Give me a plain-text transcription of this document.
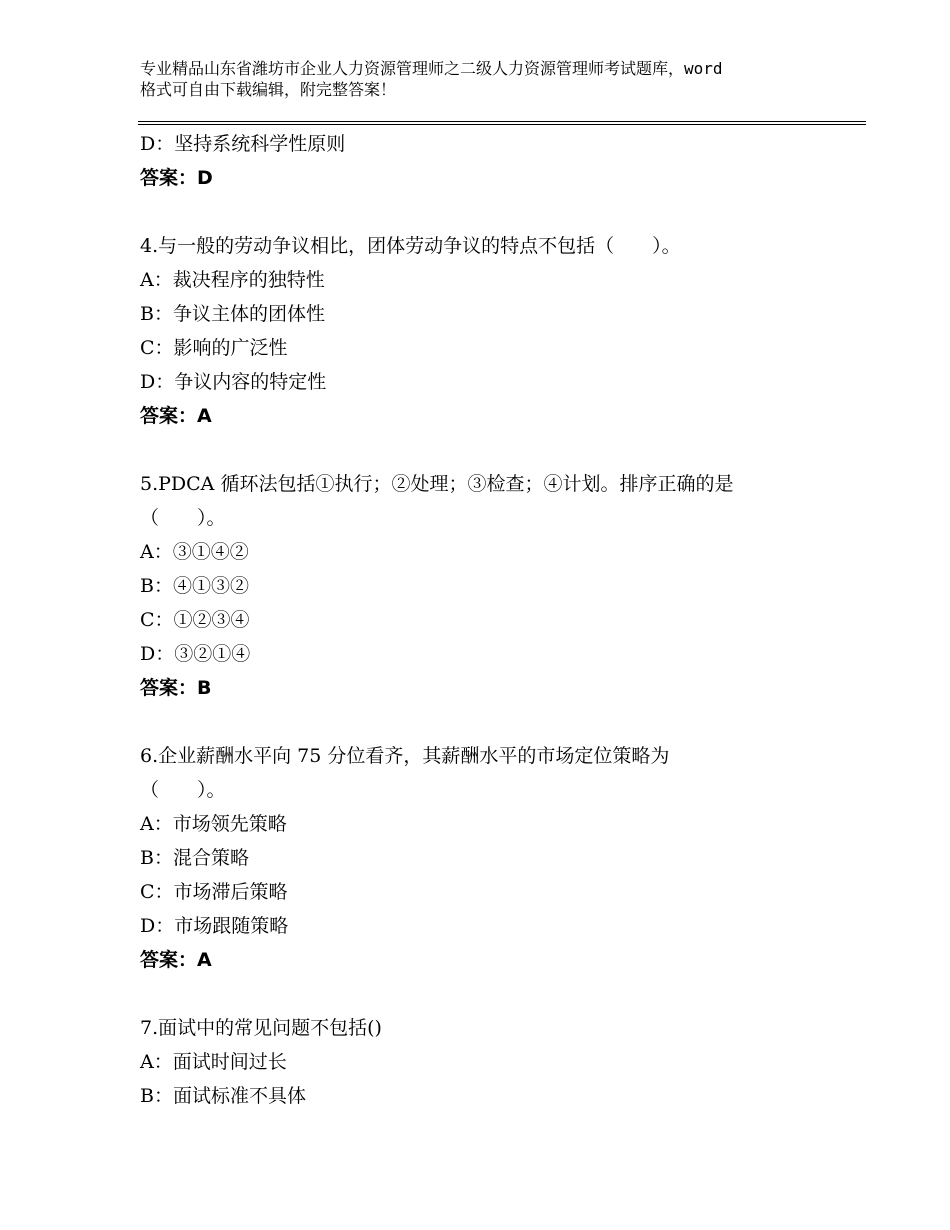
专业精品山东省潍坊市企业人力资源管理师之二级人力资源管理师考试题库，word
格式可自由下载编辑，附完整答案！
D：坚持系统科学性原则
答案：D
4.与一般的劳动争议相比，团体劳动争议的特点不包括（　　）。
A：裁决程序的独特性
B：争议主体的团体性
C：影响的广泛性
D：争议内容的特定性
答案：A
5.PDCA 循环法包括①执行；②处理；③检查；④计划。排序正确的是
（　　）。
A：③①④②
B：④①③②
C：①②③④
D：③②①④
答案：B
6.企业薪酬水平向 75 分位看齐，其薪酬水平的市场定位策略为
（　　）。
A：市场领先策略
B：混合策略
C：市场滞后策略
D：市场跟随策略
答案：A
7.面试中的常见问题不包括()
A：面试时间过长
B：面试标准不具体
